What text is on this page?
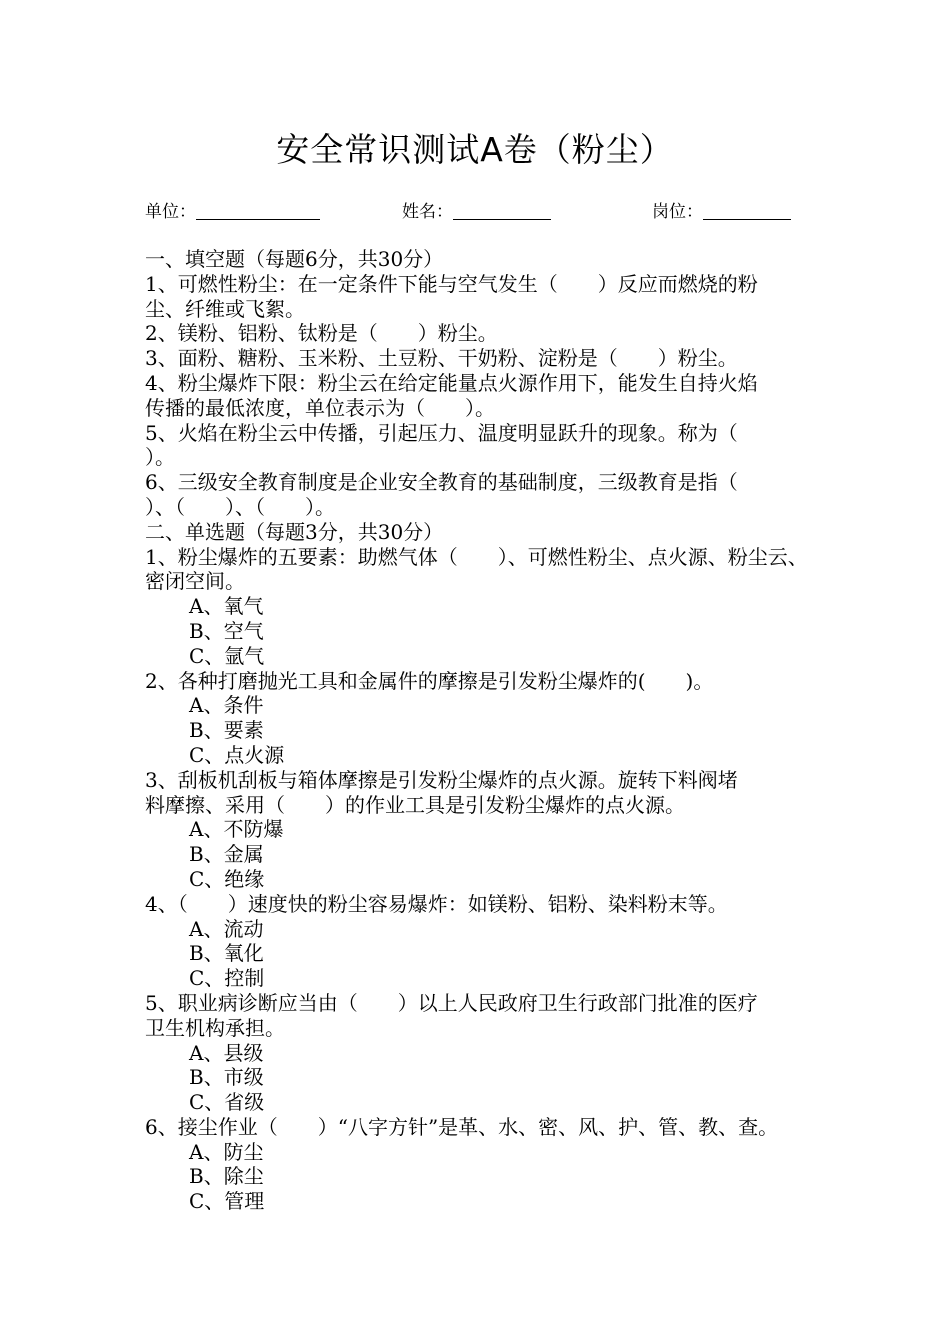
安全常识测试A卷（粉尘）
单位：	姓名：	岗位：
一、填空题（每题6分，共30分）
1、可燃性粉尘：在一定条件下能与空气发生（　　）反应而燃烧的粉
尘、纤维或飞絮。
2、镁粉、铝粉、钛粉是（　　）粉尘。
3、面粉、糖粉、玉米粉、土豆粉、干奶粉、淀粉是（　　）粉尘。
4、粉尘爆炸下限：粉尘云在给定能量点火源作用下，能发生自持火焰
传播的最低浓度，单位表示为（　　）。
5、火焰在粉尘云中传播，引起压力、温度明显跃升的现象。称为（
）。
6、三级安全教育制度是企业安全教育的基础制度，三级教育是指（
）、（　　）、（　　）。
二、单选题（每题3分，共30分）
1、粉尘爆炸的五要素：助燃气体（　　）、可燃性粉尘、点火源、粉尘云、
密闭空间。
A、氧气
B、空气
C、氩气
2、各种打磨抛光工具和金属件的摩擦是引发粉尘爆炸的(　　)。
A、条件
B、要素
C、点火源
3、刮板机刮板与箱体摩擦是引发粉尘爆炸的点火源。旋转下料阀堵
料摩擦、采用（　　）的作业工具是引发粉尘爆炸的点火源。
A、不防爆
B、金属
C、绝缘
4、（　　）速度快的粉尘容易爆炸：如镁粉、铝粉、染料粉末等。
A、流动
B、氧化
C、控制
5、职业病诊断应当由（　　）以上人民政府卫生行政部门批准的医疗
卫生机构承担。
A、县级
B、市级
C、省级
6、接尘作业（　　）“八字方针”是革、水、密、风、护、管、教、查。
A、防尘
B、除尘
C、管理
